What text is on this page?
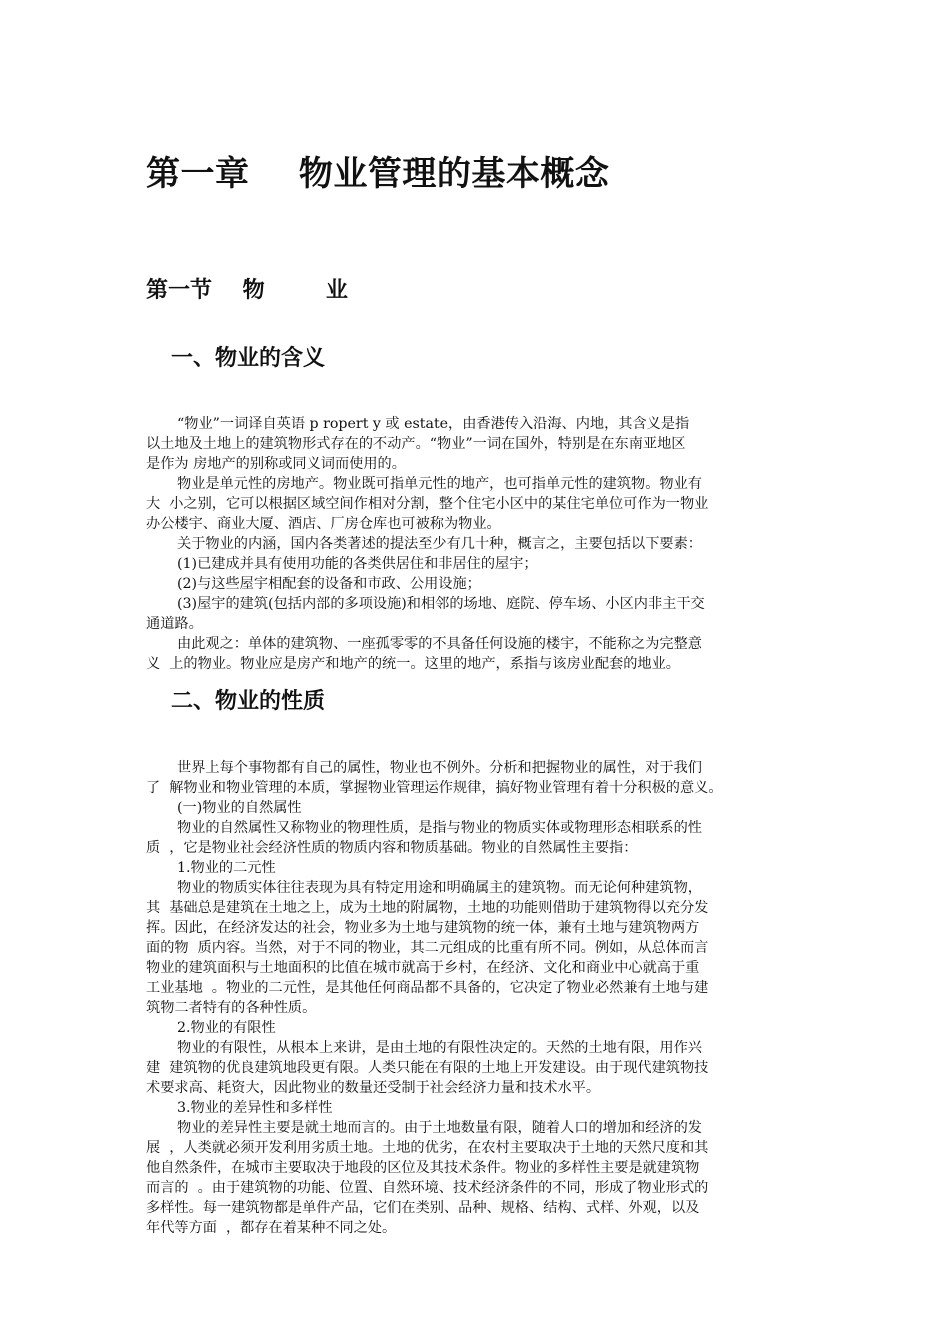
第一章    物业管理的基本概念
第一节    物        业
一、物业的含义
“物业”一词译自英语 p ropert y 或 estate，由香港传入沿海、内地，其含义是指
以土地及土地上的建筑物形式存在的不动产。“物业”一词在国外，特别是在东南亚地区
是作为 房地产的别称或同义词而使用的。
物业是单元性的房地产。物业既可指单元性的地产，也可指单元性的建筑物。物业有
大  小之别，它可以根据区域空间作相对分割，整个住宅小区中的某住宅单位可作为一物业
办公楼宇、商业大厦、酒店、厂房仓库也可被称为物业。
关于物业的内涵，国内各类著述的提法至少有几十种，概言之，主要包括以下要素：
(1)已建成并具有使用功能的各类供居住和非居住的屋宇；
(2)与这些屋宇相配套的设备和市政、公用设施；
(3)屋宇的建筑(包括内部的多项设施)和相邻的场地、庭院、停车场、小区内非主干交
通道路。
由此观之：单体的建筑物、一座孤零零的不具备任何设施的楼宇，不能称之为完整意
义  上的物业。物业应是房产和地产的统一。这里的地产，系指与该房业配套的地业。
二、物业的性质
世界上每个事物都有自己的属性，物业也不例外。分析和把握物业的属性，对于我们
了  解物业和物业管理的本质，掌握物业管理运作规律，搞好物业管理有着十分积极的意义。
(一)物业的自然属性
物业的自然属性又称物业的物理性质，是指与物业的物质实体或物理形态相联系的性
质  ，它是物业社会经济性质的物质内容和物质基础。物业的自然属性主要指：
1.物业的二元性
物业的物质实体往往表现为具有特定用途和明确属主的建筑物。而无论何种建筑物，
其  基础总是建筑在土地之上，成为土地的附属物，土地的功能则借助于建筑物得以充分发
挥。因此，在经济发达的社会，物业多为土地与建筑物的统一体，兼有土地与建筑物两方
面的物  质内容。当然，对于不同的物业，其二元组成的比重有所不同。例如，从总体而言
物业的建筑面积与土地面积的比值在城市就高于乡村，在经济、文化和商业中心就高于重
工业基地  。物业的二元性，是其他任何商品都不具备的，它决定了物业必然兼有土地与建
筑物二者特有的各种性质。
2.物业的有限性
物业的有限性，从根本上来讲，是由土地的有限性决定的。天然的土地有限，用作兴
建  建筑物的优良建筑地段更有限。人类只能在有限的土地上开发建设。由于现代建筑物技
术要求高、耗资大，因此物业的数量还受制于社会经济力量和技术水平。
3.物业的差异性和多样性
物业的差异性主要是就土地而言的。由于土地数量有限，随着人口的增加和经济的发
展  ，人类就必须开发利用劣质土地。土地的优劣，在农村主要取决于土地的天然尺度和其
他自然条件，在城市主要取决于地段的区位及其技术条件。物业的多样性主要是就建筑物
而言的  。由于建筑物的功能、位置、自然环境、技术经济条件的不同，形成了物业形式的
多样性。每一建筑物都是单件产品，它们在类别、品种、规格、结构、式样、外观，以及
年代等方面  ，都存在着某种不同之处。
